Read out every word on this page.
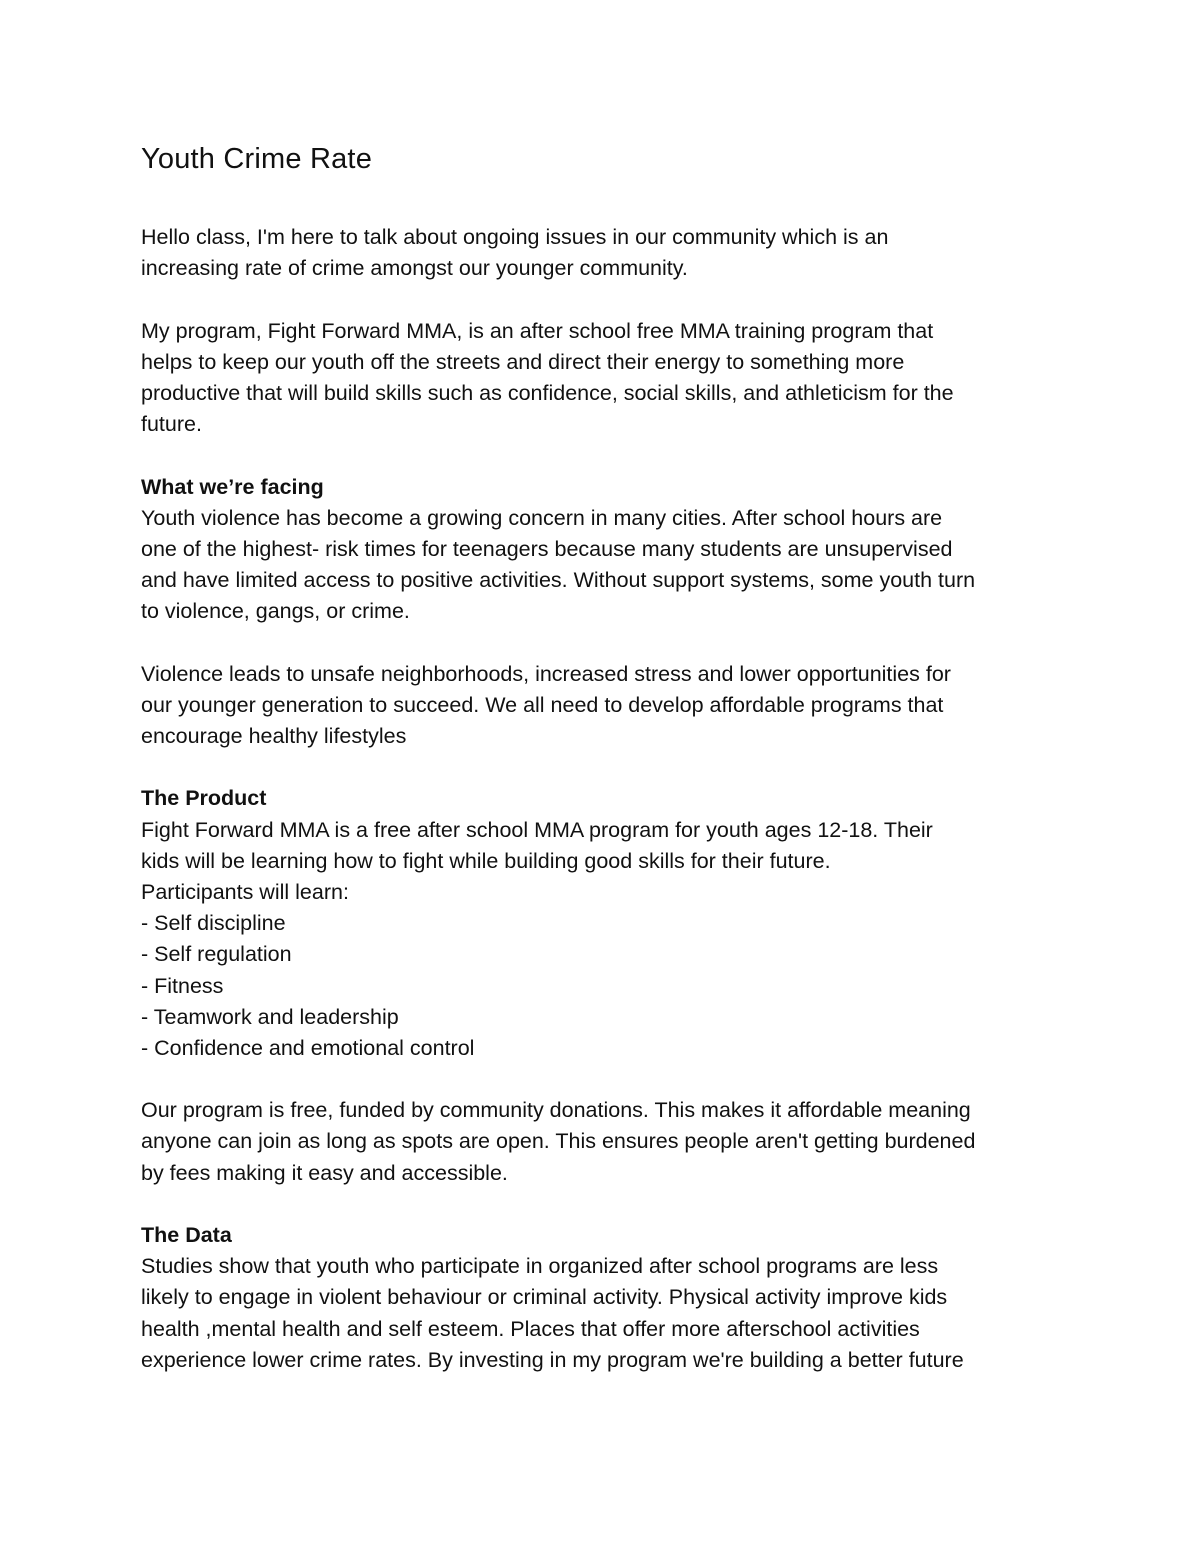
Youth Crime Rate
Hello class, I'm here to talk about ongoing issues in our community which is an
increasing rate of crime amongst our younger community.
My program, Fight Forward MMA, is an after school free MMA training program that
helps to keep our youth off the streets and direct their energy to something more
productive that will build skills such as confidence, social skills, and athleticism for the
future.
What we’re facing
Youth violence has become a growing concern in many cities. After school hours are
one of the highest- risk times for teenagers because many students are unsupervised
and have limited access to positive activities. Without support systems, some youth turn
to violence, gangs, or crime.
Violence leads to unsafe neighborhoods, increased stress and lower opportunities for
our younger generation to succeed. We all need to develop affordable programs that
encourage healthy lifestyles
The Product
Fight Forward MMA is a free after school MMA program for youth ages 12-18. Their
kids will be learning how to fight while building good skills for their future.
Participants will learn:
- Self discipline
- Self regulation
- Fitness
- Teamwork and leadership
- Confidence and emotional control
Our program is free, funded by community donations. This makes it affordable meaning
anyone can join as long as spots are open. This ensures people aren't getting burdened
by fees making it easy and accessible.
The Data
Studies show that youth who participate in organized after school programs are less
likely to engage in violent behaviour or criminal activity. Physical activity improve kids
health ,mental health and self esteem. Places that offer more afterschool activities
experience lower crime rates. By investing in my program we're building a better future
